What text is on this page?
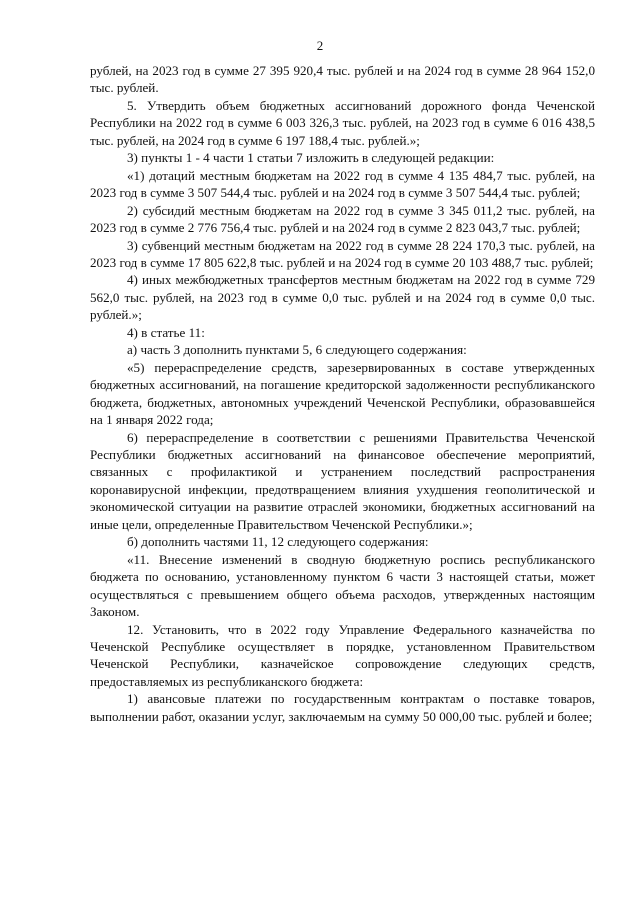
2

рублей, на 2023 год в сумме 27 395 920,4 тыс. рублей и на 2024 год в сумме 28 964 152,0 тыс. рублей.

5. Утвердить объем бюджетных ассигнований дорожного фонда Чеченской Республики на 2022 год в сумме 6 003 326,3 тыс. рублей, на 2023 год в сумме 6 016 438,5 тыс. рублей, на 2024 год в сумме 6 197 188,4 тыс. рублей.»;

3) пункты 1 - 4 части 1 статьи 7 изложить в следующей редакции:

«1) дотаций местным бюджетам на 2022 год в сумме 4 135 484,7 тыс. рублей, на 2023 год в сумме 3 507 544,4 тыс. рублей и на 2024 год в сумме 3 507 544,4 тыс. рублей;

2) субсидий местным бюджетам на 2022 год в сумме 3 345 011,2 тыс. рублей, на 2023 год в сумме 2 776 756,4 тыс. рублей и на 2024 год в сумме 2 823 043,7 тыс. рублей;

3) субвенций местным бюджетам на 2022 год в сумме 28 224 170,3 тыс. рублей, на 2023 год в сумме 17 805 622,8 тыс. рублей и на 2024 год в сумме 20 103 488,7 тыс. рублей;

4) иных межбюджетных трансфертов местным бюджетам на 2022 год в сумме 729 562,0 тыс. рублей, на 2023 год в сумме 0,0 тыс. рублей и на 2024 год в сумме 0,0 тыс. рублей.»;

4) в статье 11:

а) часть 3 дополнить пунктами 5, 6 следующего содержания:

«5) перераспределение средств, зарезервированных в составе утвержденных бюджетных ассигнований, на погашение кредиторской задолженности республиканского бюджета, бюджетных, автономных учреждений Чеченской Республики, образовавшейся на 1 января 2022 года;

6) перераспределение в соответствии с решениями Правительства Чеченской Республики бюджетных ассигнований на финансовое обеспечение мероприятий, связанных с профилактикой и устранением последствий распространения коронавирусной инфекции, предотвращением влияния ухудшения геополитической и экономической ситуации на развитие отраслей экономики, бюджетных ассигнований на иные цели, определенные Правительством Чеченской Республики.»;

б) дополнить частями 11, 12 следующего содержания:

«11. Внесение изменений в сводную бюджетную роспись республиканского бюджета по основанию, установленному пунктом 6 части 3 настоящей статьи, может осуществляться с превышением общего объема расходов, утвержденных настоящим Законом.

12. Установить, что в 2022 году Управление Федерального казначейства по Чеченской Республике осуществляет в порядке, установленном Правительством Чеченской Республики, казначейское сопровождение следующих средств, предоставляемых из республиканского бюджета:

1) авансовые платежи по государственным контрактам о поставке товаров, выполнении работ, оказании услуг, заключаемым на сумму 50 000,00 тыс. рублей и более;
